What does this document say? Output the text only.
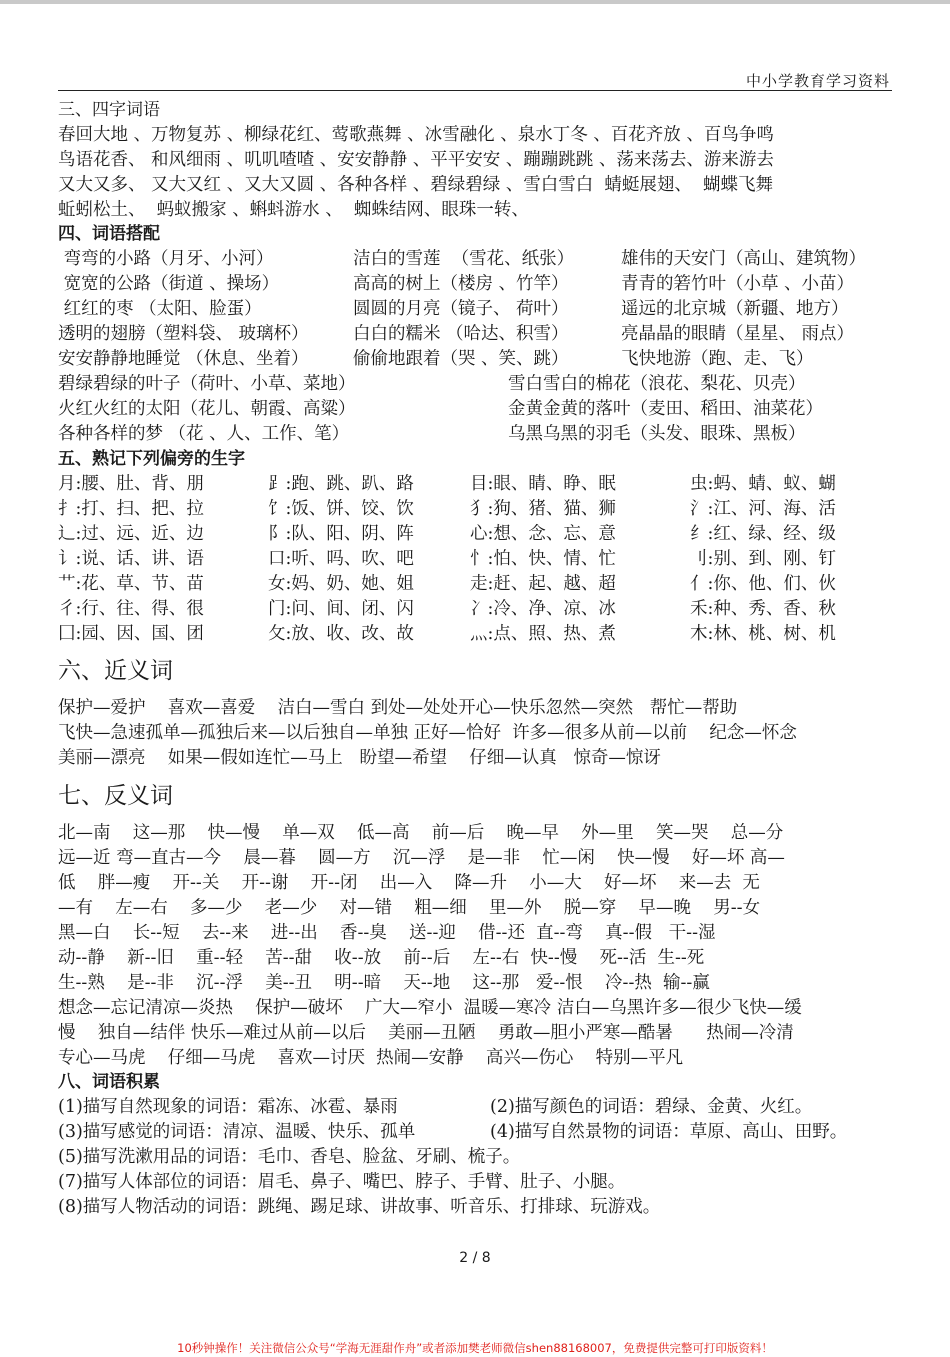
中小学教育学习资料
三、四字词语
春回大地 、万物复苏 、柳绿花红、莺歌燕舞 、冰雪融化 、泉水丁冬 、百花齐放 、百鸟争鸣
鸟语花香、 和风细雨 、叽叽喳喳 、安安静静 、平平安安 、蹦蹦跳跳 、荡来荡去、游来游去
又大又多、 又大又红 、又大又圆 、各种各样 、碧绿碧绿 、雪白雪白  蜻蜓展翅、  蝴蝶飞舞
蚯蚓松土、  蚂蚁搬家 、蝌蚪游水 、  蜘蛛结网、眼珠一转、
四、词语搭配
弯弯的小路（月牙、小河）	洁白的雪莲  （雪花、纸张）	雄伟的天安门（高山、建筑物）
宽宽的公路（街道 、操场）	高高的树上（楼房 、竹竿）	青青的箬竹叶（小草 、小苗）
红红的枣 （太阳、脸蛋）	圆圆的月亮（镜子、 荷叶）	遥远的北京城（新疆、地方）
透明的翅膀（塑料袋、 玻璃杯）	白白的糯米 （哈达、积雪）	亮晶晶的眼睛（星星、 雨点）
安安静静地睡觉 （休息、坐着）	偷偷地跟着（哭 、笑、跳）	飞快地游（跑、走、飞）
碧绿碧绿的叶子（荷叶、小草、菜地）	雪白雪白的棉花（浪花、梨花、贝壳）
火红火红的太阳（花儿、朝霞、高粱）	金黄金黄的落叶（麦田、稻田、油菜花）
各种各样的梦 （花 、人、工作、笔）	乌黑乌黑的羽毛（头发、眼珠、黑板）
五、熟记下列偏旁的生字
月:腰、肚、背、朋	⻊:跑、跳、趴、路	目:眼、睛、睁、眠	虫:蚂、蜻、蚁、蝴
扌:打、扫、把、拉	饣:饭、饼、饺、饮	犭:狗、猪、猫、狮	氵:江、河、海、活
辶:过、远、近、边	阝:队、阳、阴、阵	心:想、念、忘、意	纟:红、绿、经、级
讠:说、话、讲、语	口:听、吗、吹、吧	忄:怕、快、情、忙	刂:别、到、刚、钉
艹:花、草、节、苗	女:妈、奶、她、姐	走:赶、起、越、超	亻:你、他、们、伙
彳:行、往、得、很	门:问、间、闭、闪	冫:冷、净、凉、冰	禾:种、秀、香、秋
囗:园、因、国、团	攵:放、收、改、故	灬:点、照、热、煮	木:林、桃、树、机
六、近义词
保护—爱护    喜欢—喜爱    洁白—雪白 到处—处处开心—快乐忽然—突然   帮忙—帮助
飞快—急速孤单—孤独后来—以后独自—单独 正好—恰好  许多—很多从前—以前    纪念—怀念
美丽—漂亮    如果—假如连忙—马上   盼望—希望    仔细—认真   惊奇—惊讶
七、反义词
北—南    这—那    快—慢    单—双    低—高    前—后    晚—早    外—里    笑—哭    总—分
远—近 弯—直古—今    晨—暮    圆—方    沉—浮    是—非    忙—闲    快—慢    好—坏 高—
低    胖—瘦    开--关    开--谢    开--闭    出—入    降—升    小—大    好—坏    来—去  无
—有    左—右    多—少    老—少    对—错    粗—细    里—外    脱—穿    早—晚    男--女
黑—白    长--短    去--来    进--出    香--臭    送--迎    借--还  直--弯    真--假   干--湿
动--静    新--旧    重--轻    苦--甜    收--放    前--后    左--右  快--慢    死--活  生--死
生--熟    是--非    沉--浮    美--丑    明--暗    天--地    这--那   爱--恨    冷--热  输--赢
想念—忘记清凉—炎热    保护—破坏    广大—窄小  温暖—寒冷 洁白—乌黑许多—很少飞快—缓
慢    独自—结伴 快乐—难过从前—以后    美丽—丑陋    勇敢—胆小严寒—酷暑      热闹—冷清
专心—马虎    仔细—马虎    喜欢—讨厌  热闹—安静    高兴—伤心    特别—平凡
八、词语积累
(1)描写自然现象的词语：霜冻、冰雹、暴雨	(2)描写颜色的词语：碧绿、金黄、火红。
(3)描写感觉的词语：清凉、温暖、快乐、孤单	(4)描写自然景物的词语：草原、高山、田野。
(5)描写洗漱用品的词语：毛巾、香皂、脸盆、牙刷、梳子。
(7)描写人体部位的词语：眉毛、鼻子、嘴巴、脖子、手臂、肚子、小腿。
(8)描写人物活动的词语：跳绳、踢足球、讲故事、听音乐、打排球、玩游戏。
2 / 8
10秒钟操作！关注微信公众号“学海无涯甜作舟”或者添加樊老师微信shen88168007，免费提供完整可打印版资料！
